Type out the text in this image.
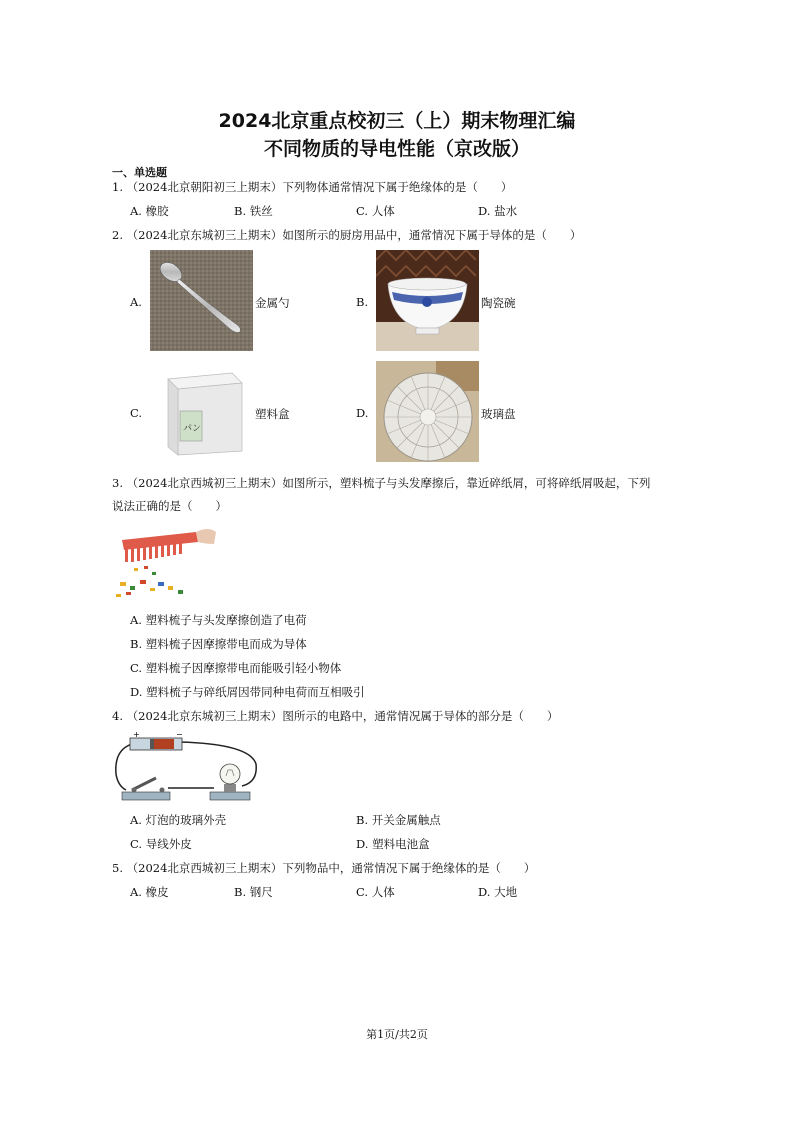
2024北京重点校初三（上）期末物理汇编
不同物质的导电性能（京改版）
一、单选题
1. （2024北京朝阳初三上期末）下列物体通常情况下属于绝缘体的是（　　）
A. 橡胶	B. 铁丝	C. 人体	D. 盐水
2. （2024北京东城初三上期末）如图所示的厨房用品中，通常情况下属于导体的是（　　）
A.	金属勺	B.	陶瓷碗
C.
パン
塑料盒	D.	玻璃盘
3. （2024北京西城初三上期末）如图所示，塑料梳子与头发摩擦后，靠近碎纸屑，可将碎纸屑吸起，下列
说法正确的是（　　）
A. 塑料梳子与头发摩擦创造了电荷
B. 塑料梳子因摩擦带电而成为导体
C. 塑料梳子因摩擦带电而能吸引轻小物体
D. 塑料梳子与碎纸屑因带同种电荷而互相吸引
4. （2024北京东城初三上期末）图所示的电路中，通常情况属于导体的部分是（　　）
+	−
A. 灯泡的玻璃外壳	B. 开关金属触点
C. 导线外皮	D. 塑料电池盒
5. （2024北京西城初三上期末）下列物品中，通常情况下属于绝缘体的是（　　）
A. 橡皮	B. 钢尺	C. 人体	D. 大地
第1页/共2页
